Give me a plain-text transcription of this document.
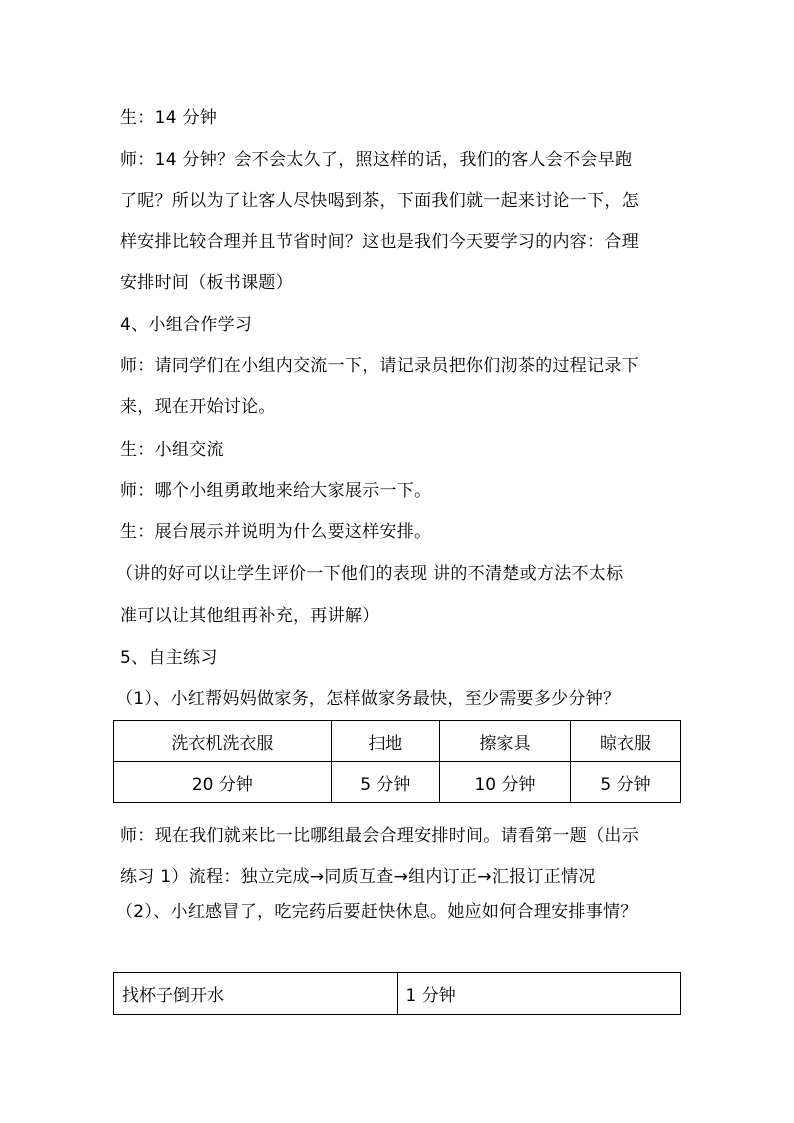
生：14 分钟
师：14 分钟？会不会太久了，照这样的话，我们的客人会不会早跑
了呢？所以为了让客人尽快喝到茶，下面我们就一起来讨论一下，怎
样安排比较合理并且节省时间？这也是我们今天要学习的内容：合理
安排时间（板书课题）
4、小组合作学习
师：请同学们在小组内交流一下，请记录员把你们沏茶的过程记录下
来，现在开始讨论。
生：小组交流
师：哪个小组勇敢地来给大家展示一下。
生：展台展示并说明为什么要这样安排。
（讲的好可以让学生评价一下他们的表现 讲的不清楚或方法不太标
准可以让其他组再补充，再讲解）
5、自主练习
（1）、小红帮妈妈做家务，怎样做家务最快，至少需要多少分钟？
洗衣机洗衣服	扫地	擦家具	晾衣服
20 分钟	5 分钟	10 分钟	5 分钟
师：现在我们就来比一比哪组最会合理安排时间。请看第一题（出示
练习 1）流程：独立完成→同质互查→组内订正→汇报订正情况
（2）、小红感冒了，吃完药后要赶快休息。她应如何合理安排事情？
找杯子倒开水	1 分钟
